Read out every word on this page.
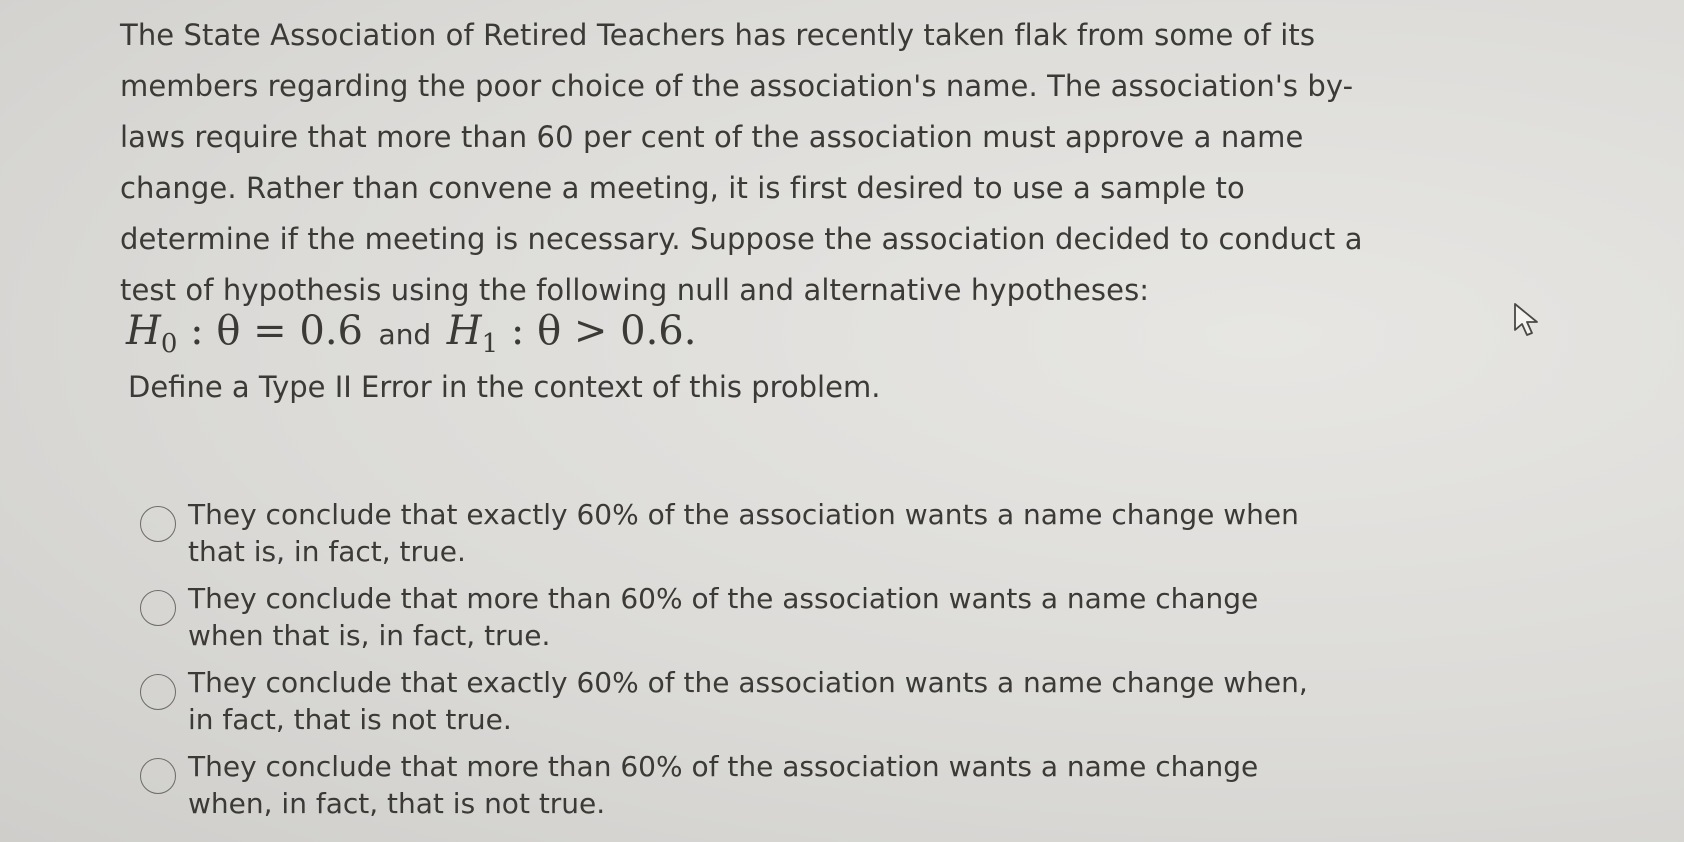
The State Association of Retired Teachers has recently taken flak from some of its members regarding the poor choice of the association's name. The association's by-laws require that more than 60 per cent of the association must approve a name change. Rather than convene a meeting, it is first desired to use a sample to determine if the meeting is necessary. Suppose the association decided to conduct a test of hypothesis using the following null and alternative hypotheses:

$H_0$ : θ = 0.6 and $H_1$ : θ > 0.6.
Define a Type II Error in the context of this problem.
They conclude that exactly 60% of the association wants a name change when that is, in fact, true.
They conclude that more than 60% of the association wants a name change when that is, in fact, true.
They conclude that exactly 60% of the association wants a name change when, in fact, that is not true.
They conclude that more than 60% of the association wants a name change when, in fact, that is not true.
